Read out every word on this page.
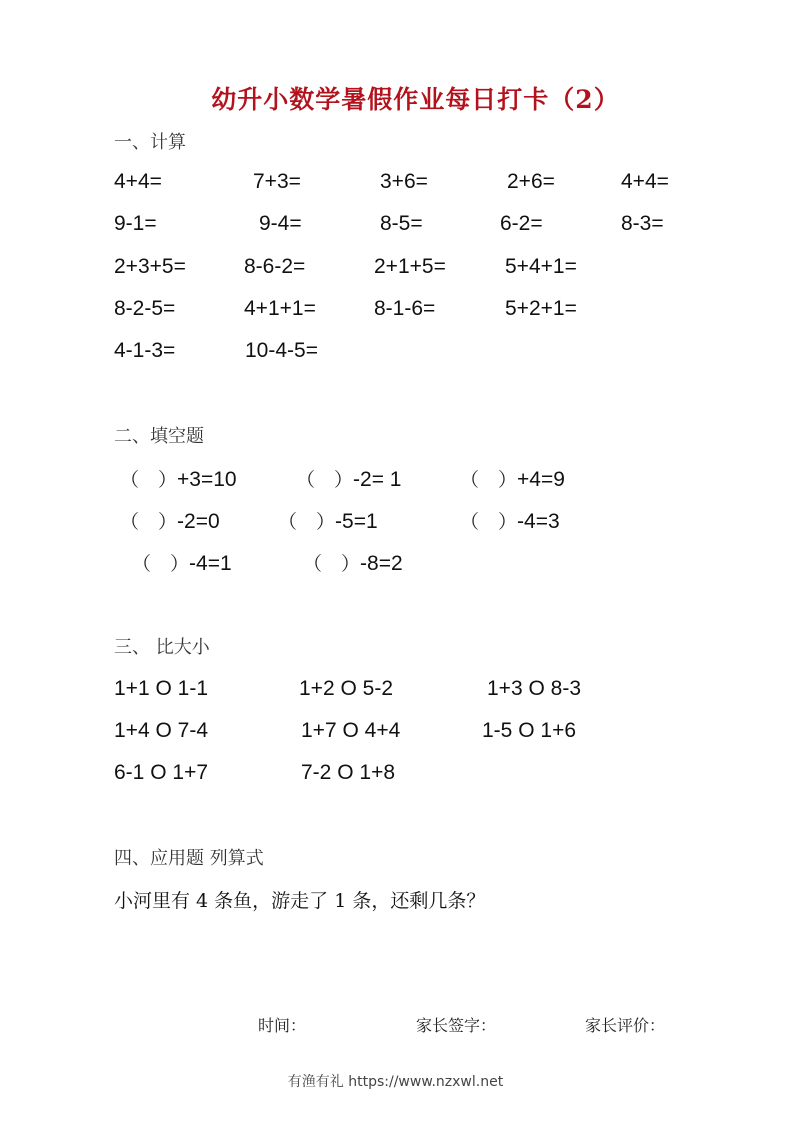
幼升小数学暑假作业每日打卡（2）
一、计算
4+4=	7+3=	3+6=	2+6=	4+4=
9-1=	9-4=	8-5=	6-2=	8-3=
2+3+5=	8-6-2=	2+1+5=	5+4+1=
8-2-5=	4+1+1=	8-1-6=	5+2+1=
4-1-3=	10-4-5=
二、填空题
（　）+3=10	（　）-2= 1	（　）+4=9
（　）-2=0	（　）-5=1	（　）-4=3
（　）-4=1	（　）-8=2
三、 比大小
1+1 O 1-1	1+2 O 5-2	1+3 O 8-3
1+4 O 7-4	1+7 O 4+4	1-5 O 1+6
6-1 O 1+7	7-2 O 1+8
四、应用题 列算式
小河里有 4 条鱼，游走了 1 条，还剩几条？
时间：	家长签字：	家长评价：
有渔有礼 https://www.nzxwl.net
